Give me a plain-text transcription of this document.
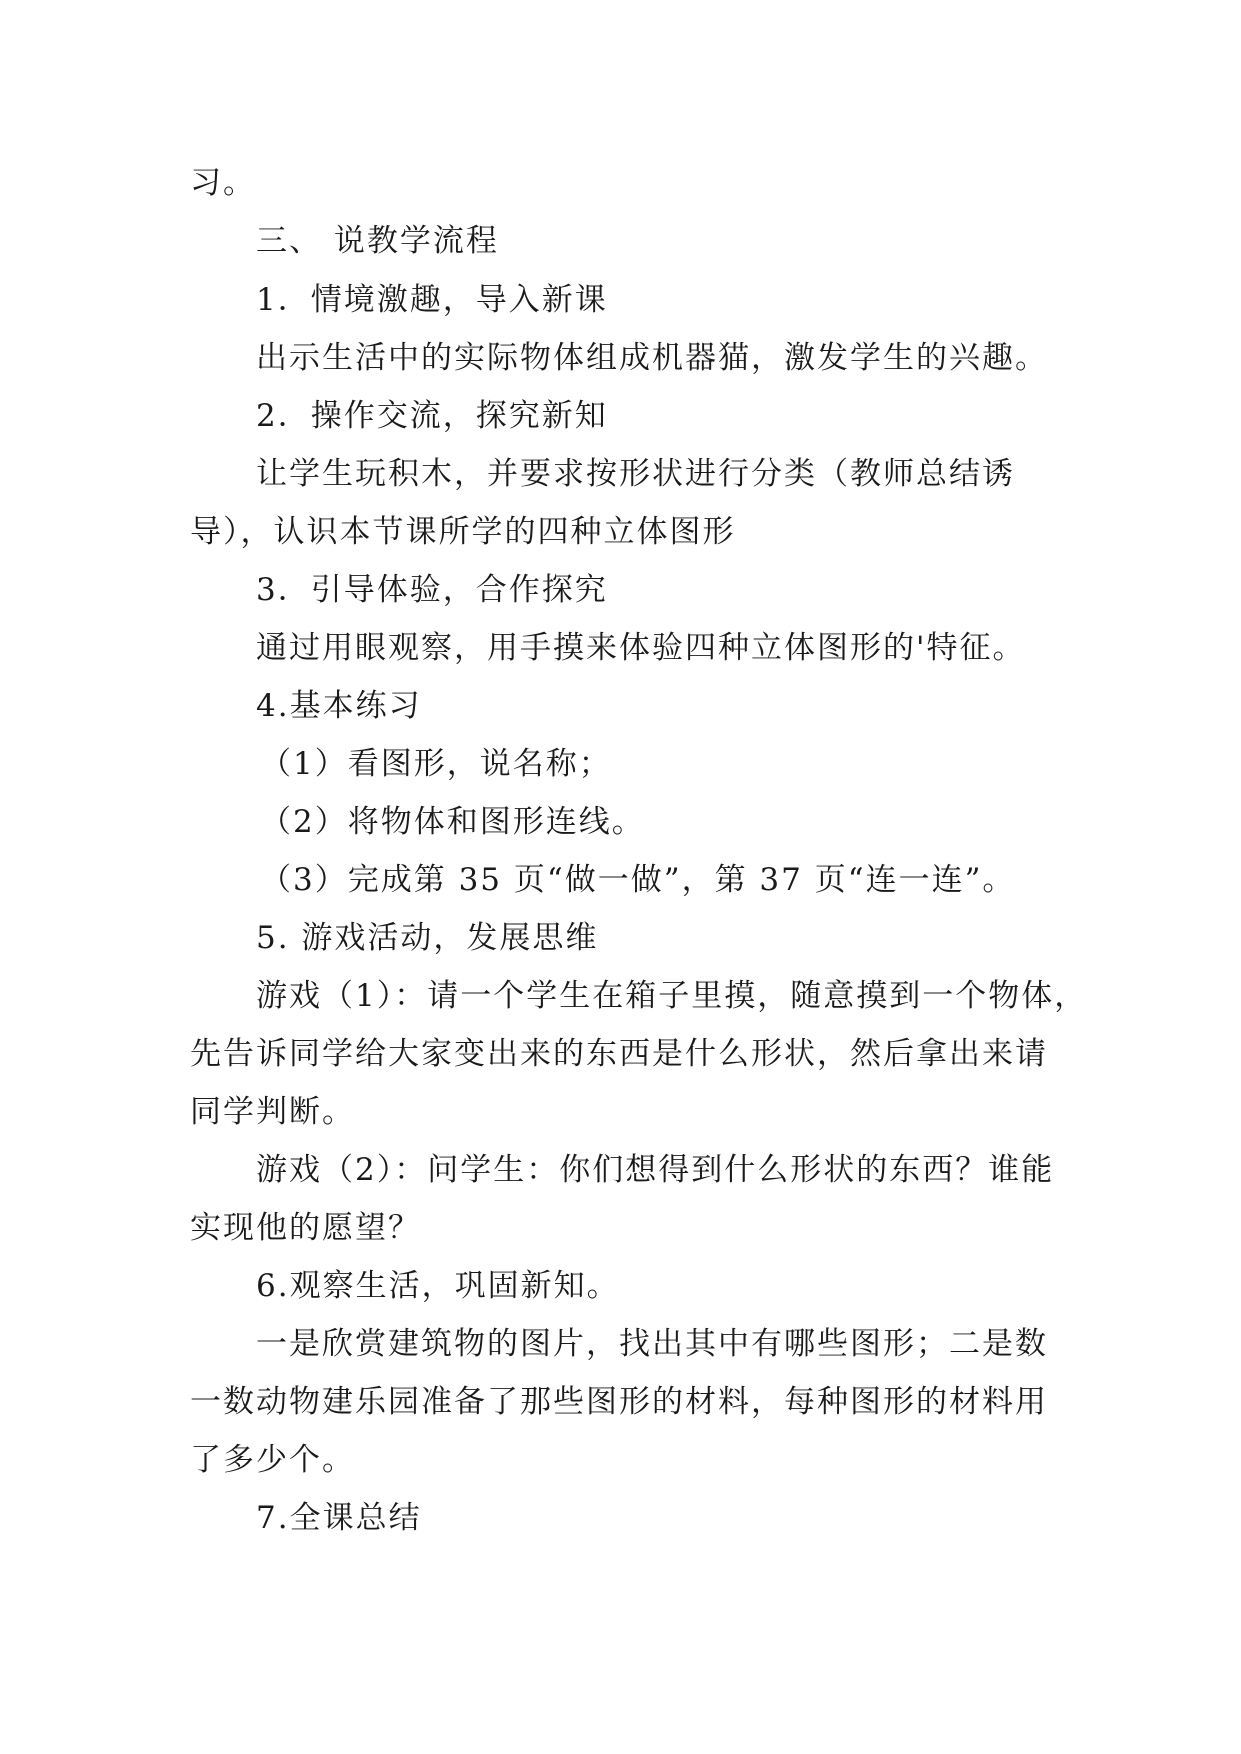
习。
三、 说教学流程
1．情境激趣，导入新课
出示生活中的实际物体组成机器猫，激发学生的兴趣。
2．操作交流，探究新知
让学生玩积木，并要求按形状进行分类（教师总结诱
导），认识本节课所学的四种立体图形
3．引导体验，合作探究
通过用眼观察，用手摸来体验四种立体图形的'特征。
4.基本练习
（1）看图形，说名称；
（2）将物体和图形连线。
（3）完成第 35 页“做一做”，第 37 页“连一连”。
5. 游戏活动，发展思维
游戏（1）：请一个学生在箱子里摸，随意摸到一个物体，
先告诉同学给大家变出来的东西是什么形状，然后拿出来请
同学判断。
游戏（2）：问学生：你们想得到什么形状的东西？谁能
实现他的愿望？
6.观察生活，巩固新知。
一是欣赏建筑物的图片，找出其中有哪些图形；二是数
一数动物建乐园准备了那些图形的材料，每种图形的材料用
了多少个。
7.全课总结
